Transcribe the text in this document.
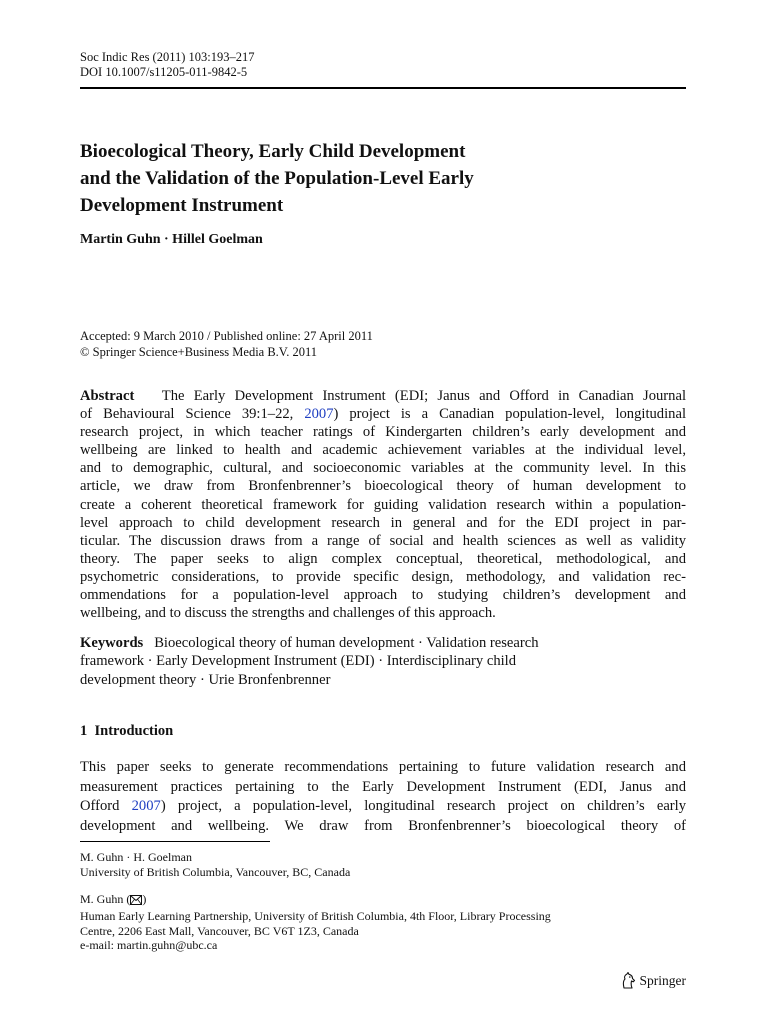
Soc Indic Res (2011) 103:193–217
DOI 10.1007/s11205-011-9842-5
Bioecological Theory, Early Child Development
and the Validation of the Population-Level Early
Development Instrument
Martin Guhn · Hillel Goelman
Accepted: 9 March 2010 / Published online: 27 April 2011
© Springer Science+Business Media B.V. 2011
Abstract The Early Development Instrument (EDI; Janus and Offord in Canadian Journal
of Behavioural Science 39:1–22, 2007) project is a Canadian population-level, longitudinal
research project, in which teacher ratings of Kindergarten children’s early development and
wellbeing are linked to health and academic achievement variables at the individual level,
and to demographic, cultural, and socioeconomic variables at the community level. In this
article, we draw from Bronfenbrenner’s bioecological theory of human development to
create a coherent theoretical framework for guiding validation research within a population-
level approach to child development research in general and for the EDI project in par-
ticular. The discussion draws from a range of social and health sciences as well as validity
theory. The paper seeks to align complex conceptual, theoretical, methodological, and
psychometric considerations, to provide specific design, methodology, and validation rec-
ommendations for a population-level approach to studying children’s development and
wellbeing, and to discuss the strengths and challenges of this approach.
Keywords Bioecological theory of human development · Validation research
framework · Early Development Instrument (EDI) · Interdisciplinary child
development theory · Urie Bronfenbrenner
1 Introduction
This paper seeks to generate recommendations pertaining to future validation research and
measurement practices pertaining to the Early Development Instrument (EDI, Janus and
Offord 2007) project, a population-level, longitudinal research project on children’s early
development and wellbeing. We draw from Bronfenbrenner’s bioecological theory of
M. Guhn · H. Goelman
University of British Columbia, Vancouver, BC, Canada
M. Guhn ( )
Human Early Learning Partnership, University of British Columbia, 4th Floor, Library Processing
Centre, 2206 East Mall, Vancouver, BC V6T 1Z3, Canada
e-mail: martin.guhn@ubc.ca
Springer
